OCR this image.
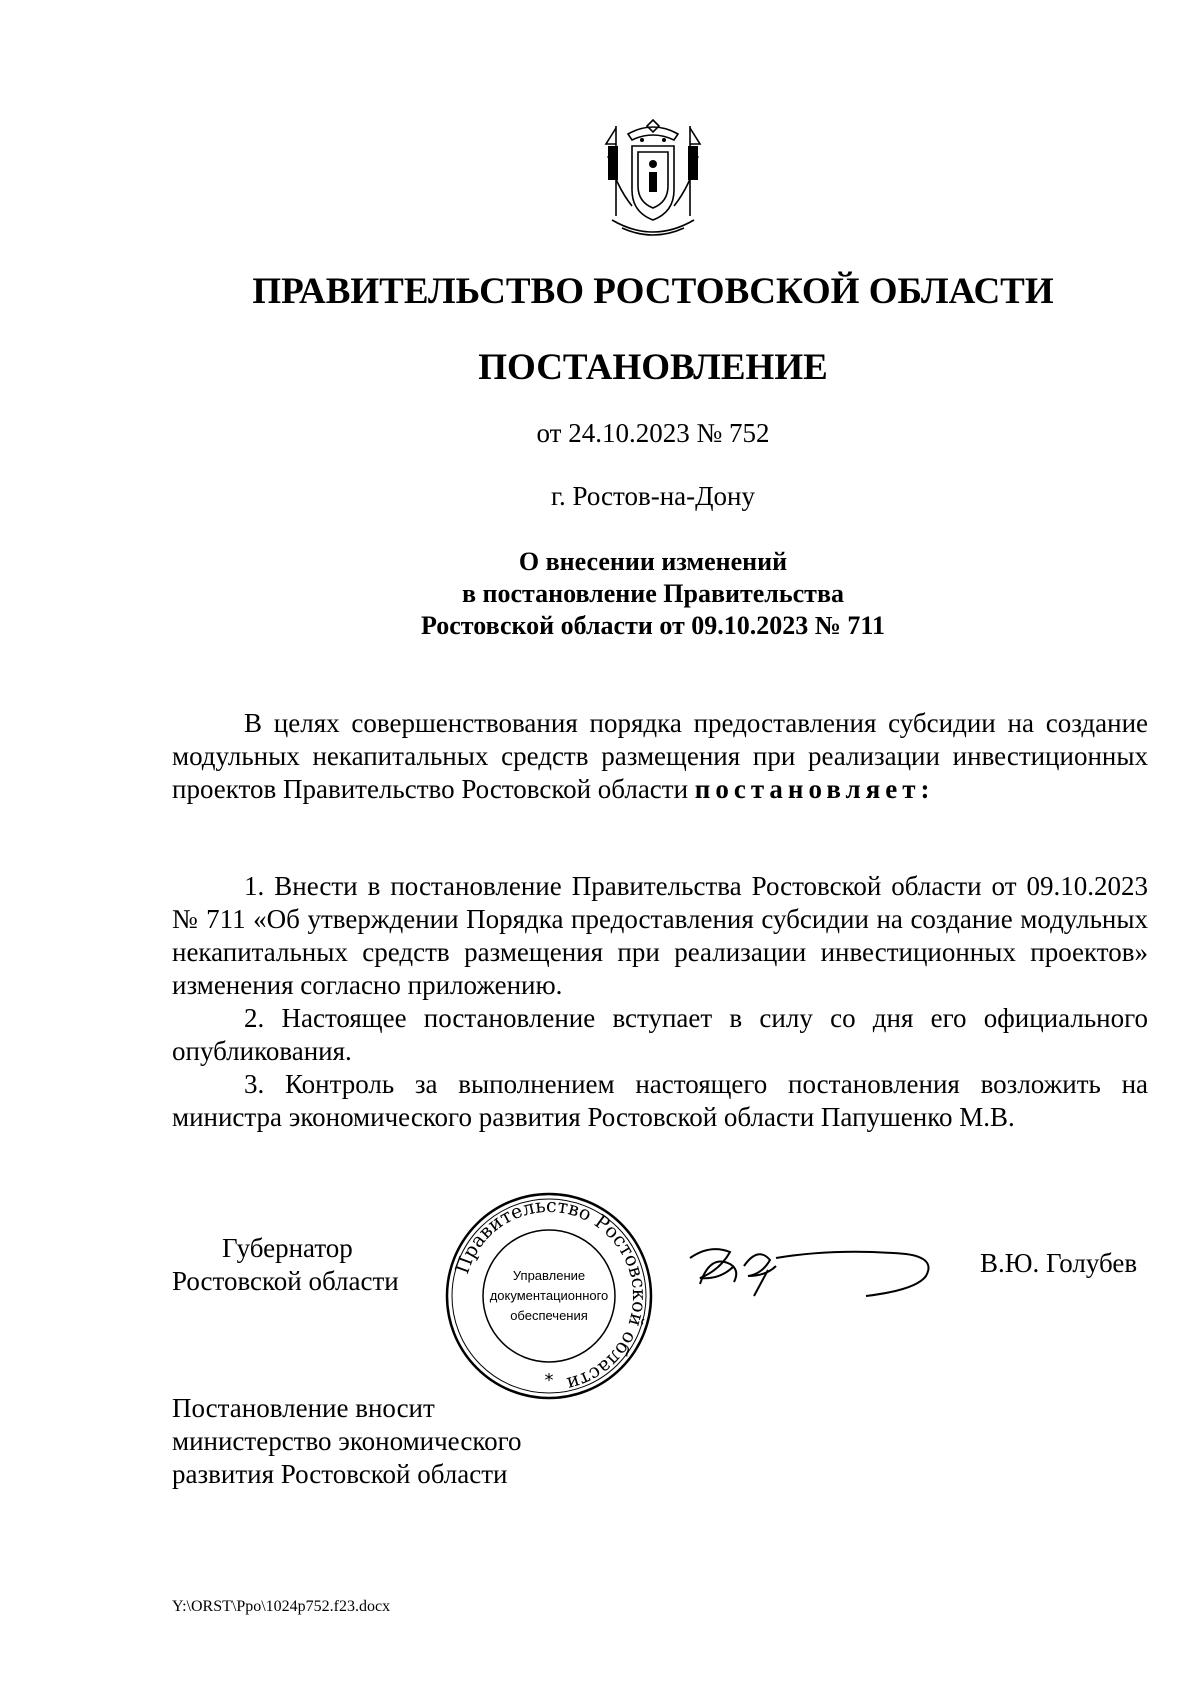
ПРАВИТЕЛЬСТВО РОСТОВСКОЙ ОБЛАСТИ
ПОСТАНОВЛЕНИЕ
от 24.10.2023 № 752
г. Ростов-на-Дону
О внесении изменений
в постановление Правительства
Ростовской области от 09.10.2023 № 711
В целях совершенствования порядка предоставления субсидии на создание модульных некапитальных средств размещения при реализации инвестиционных проектов Правительство Ростовской области постановляет:

1. Внести в постановление Правительства Ростовской области от 09.10.2023 № 711 «Об утверждении Порядка предоставления субсидии на создание модульных некапитальных средств размещения при реализации инвестиционных проектов» изменения согласно приложению.

2. Настоящее постановление вступает в силу со дня его официального опубликования.

3. Контроль за выполнением настоящего постановления возложить на министра экономического развития Ростовской области Папушенко М.В.

Губернатор
Ростовской области
Правительство Ростовской области
Управление
документационного
обеспечения
*
В.Ю. Голубев
Постановление вносит
министерство экономического
развития Ростовской области
Y:\ORST\Ppo\1024p752.f23.docx
